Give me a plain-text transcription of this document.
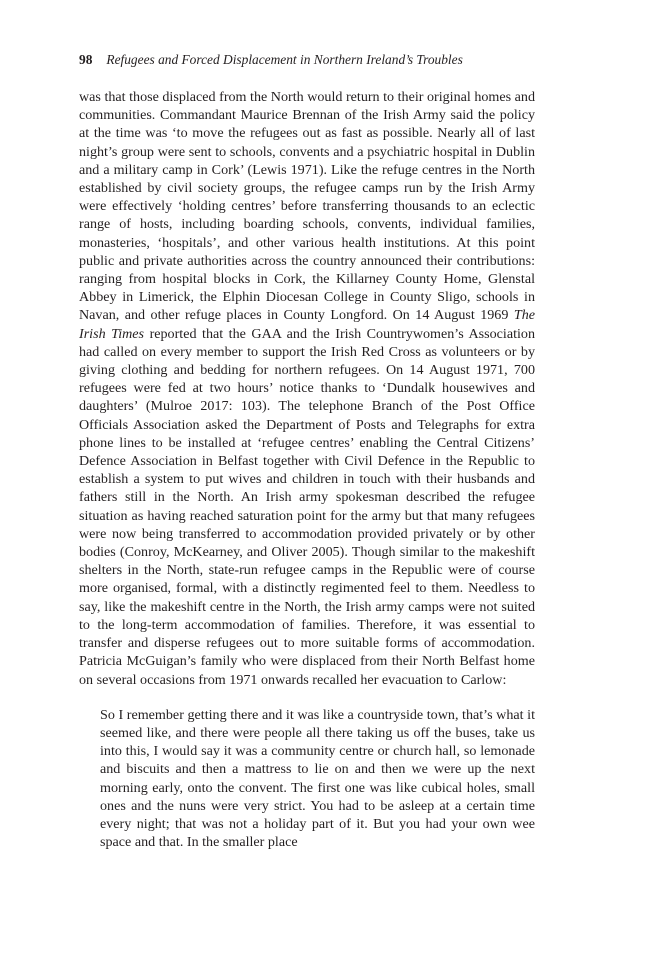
98 Refugees and Forced Displacement in Northern Ireland’s Troubles

was that those displaced from the North would return to their original homes and communities. Commandant Maurice Brennan of the Irish Army said the policy at the time was ‘to move the refugees out as fast as possible. Nearly all of last night’s group were sent to schools, convents and a psychiatric hospital in Dublin and a military camp in Cork’ (Lewis 1971). Like the refuge centres in the North established by civil society groups, the refugee camps run by the Irish Army were effectively ‘holding centres’ before transferring thousands to an eclectic range of hosts, including boarding schools, convents, individual families, monasteries, ‘hospitals’, and other various health institutions. At this point public and private authorities across the country announced their contributions: ranging from hospital blocks in Cork, the Killarney County Home, Glenstal Abbey in Limerick, the Elphin Diocesan College in County Sligo, schools in Navan, and other refuge places in County Longford. On 14 August 1969 The Irish Times reported that the GAA and the Irish Countrywomen’s Association had called on every member to support the Irish Red Cross as volunteers or by giving clothing and bedding for northern refugees. On 14 August 1971, 700 refugees were fed at two hours’ notice thanks to ‘Dundalk housewives and daughters’ (Mulroe 2017: 103). The telephone Branch of the Post Office Officials Association asked the Department of Posts and Telegraphs for extra phone lines to be installed at ‘refugee centres’ enabling the Central Citizens’ Defence Association in Belfast together with Civil Defence in the Republic to establish a system to put wives and children in touch with their husbands and fathers still in the North. An Irish army spokesman described the refugee situation as having reached saturation point for the army but that many refugees were now being transferred to accommodation provided privately or by other bodies (Conroy, McKearney, and Oliver 2005). Though similar to the makeshift shelters in the North, state-run refugee camps in the Republic were of course more organised, formal, with a distinctly regimented feel to them. Needless to say, like the makeshift centre in the North, the Irish army camps were not suited to the long-term accommodation of families. Therefore, it was essential to transfer and disperse refugees out to more suitable forms of accommodation. Patricia McGuigan’s family who were displaced from their North Belfast home on several occasions from 1971 onwards recalled her evacuation to Carlow:

So I remember getting there and it was like a countryside town, that’s what it seemed like, and there were people all there taking us off the buses, take us into this, I would say it was a community centre or church hall, so lemonade and biscuits and then a mattress to lie on and then we were up the next morning early, onto the convent. The first one was like cubical holes, small ones and the nuns were very strict. You had to be asleep at a certain time every night; that was not a holiday part of it. But you had your own wee space and that. In the smaller place
